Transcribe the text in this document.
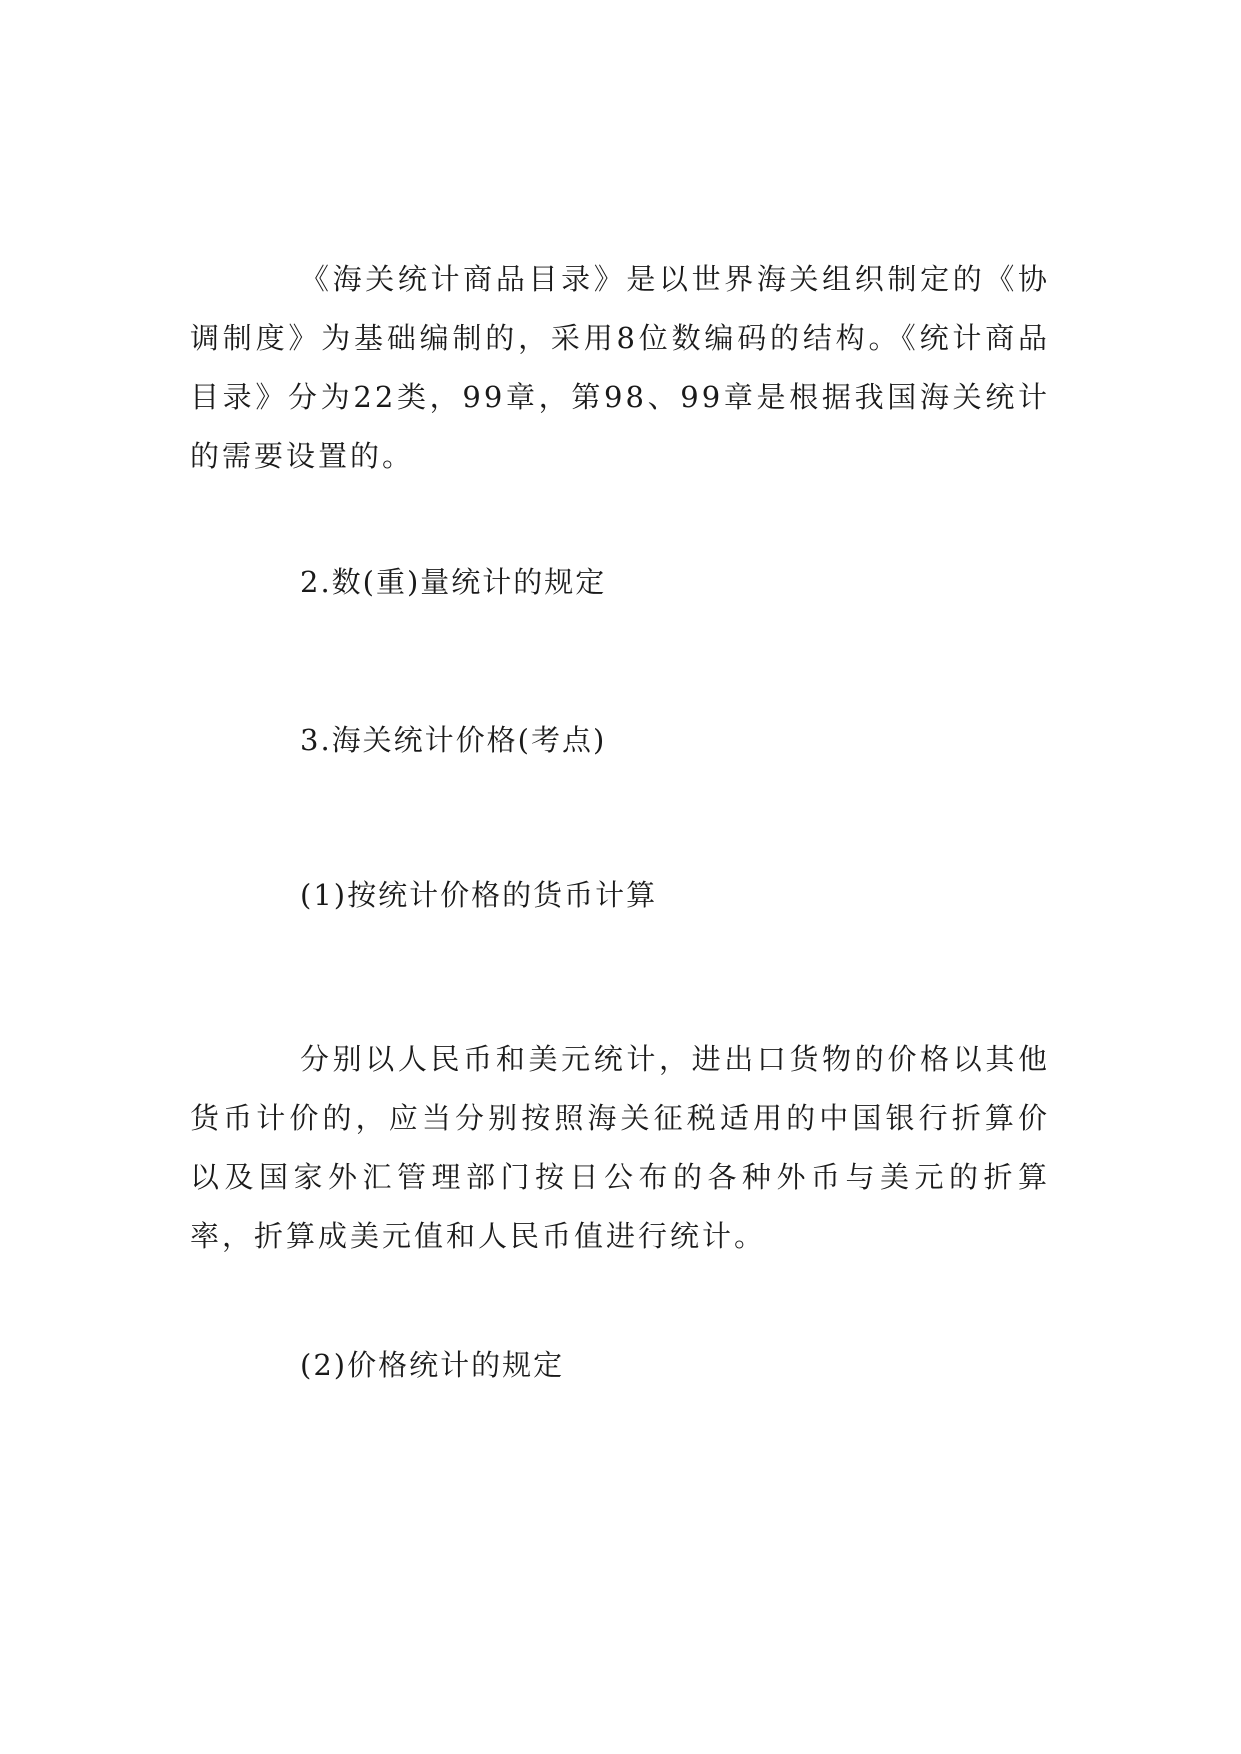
《海关统计商品目录》是以世界海关组织制定的《协调制度》为基础编制的，采用8位数编码的结构。《统计商品目录》分为22类，99章，第98、99章是根据我国海关统计的需要设置的。

2.数(重)量统计的规定

3.海关统计价格(考点)

(1)按统计价格的货币计算

分别以人民币和美元统计，进出口货物的价格以其他货币计价的，应当分别按照海关征税适用的中国银行折算价以及国家外汇管理部门按日公布的各种外币与美元的折算率，折算成美元值和人民币值进行统计。

(2)价格统计的规定
